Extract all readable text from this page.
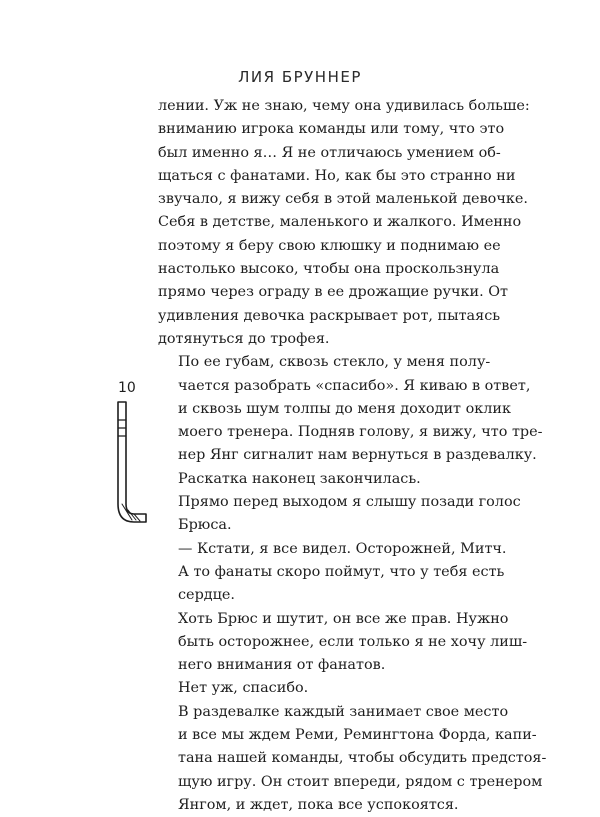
ЛИЯ БРУННЕР

лении. Уж не знаю, чему она удивилась больше:
вниманию игрока команды или тому, что это
был именно я… Я не отличаюсь умением об-
щаться с фанатами. Но, как бы это странно ни
звучало, я вижу себя в этой маленькой девочке.
Себя в детстве, маленького и жалкого. Именно
поэтому я беру свою клюшку и поднимаю ее
настолько высоко, чтобы она проскользнула
прямо через ограду в ее дрожащие ручки. От
удивления девочка раскрывает рот, пытаясь
дотянуться до трофея.

По ее губам, сквозь стекло, у меня полу-
чается разобрать «спасибо». Я киваю в ответ,
и сквозь шум толпы до меня доходит оклик
моего тренера. Подняв голову, я вижу, что тре-
нер Янг сигналит нам вернуться в раздевалку.
Раскатка наконец закончилась.

Прямо перед выходом я слышу позади голос
Брюса.

— Кстати, я все видел. Осторожней, Митч.
А то фанаты скоро поймут, что у тебя есть
сердце.

Хоть Брюс и шутит, он все же прав. Нужно
быть осторожнее, если только я не хочу лиш-
него внимания от фанатов.

Нет уж, спасибо.

В раздевалке каждый занимает свое место
и все мы ждем Реми, Ремингтона Форда, капи-
тана нашей команды, чтобы обсудить предстоя-
щую игру. Он стоит впереди, рядом с тренером
Янгом, и ждет, пока все успокоятся.

10
